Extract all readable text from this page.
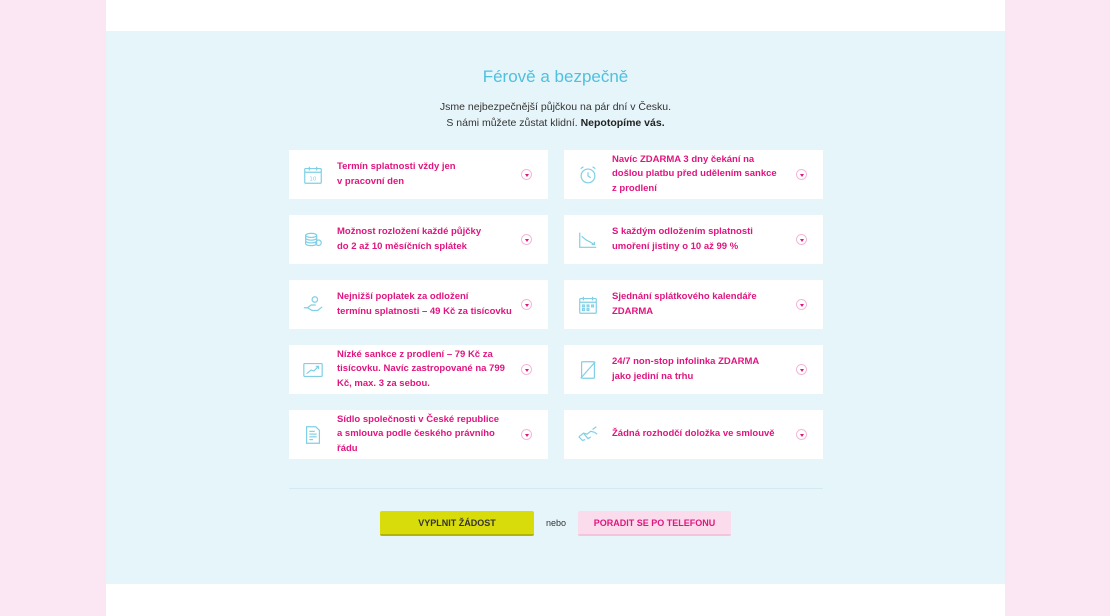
Férově a bezpečně

Jsme nejbezpečnější půjčkou na pár dní v Česku.
S námi můžete zůstat klidní. Nepotopíme vás.

10
Termín splatnosti vždy jen
v pracovní den
Navíc ZDARMA 3 dny čekání na
došlou platbu před udělením sankce
z prodlení
Možnost rozložení každé půjčky
do 2 až 10 měsíčních splátek
S každým odložením splatnosti
umoření jistiny o 10 až 99 %
Nejnižší poplatek za odložení
termínu splatnosti – 49 Kč za tisícovku
Sjednání splátkového kalendáře
ZDARMA
Nízké sankce z prodlení – 79 Kč za
tisícovku. Navíc zastropované na 799
Kč, max. 3 za sebou.
24/7 non-stop infolinka ZDARMA
jako jediní na trhu
Sídlo společnosti v České republice
a smlouva podle českého právního
řádu
Žádná rozhodčí doložka ve smlouvě
VYPLNIT ŽÁDOST	nebo	PORADIT SE PO TELEFONU
